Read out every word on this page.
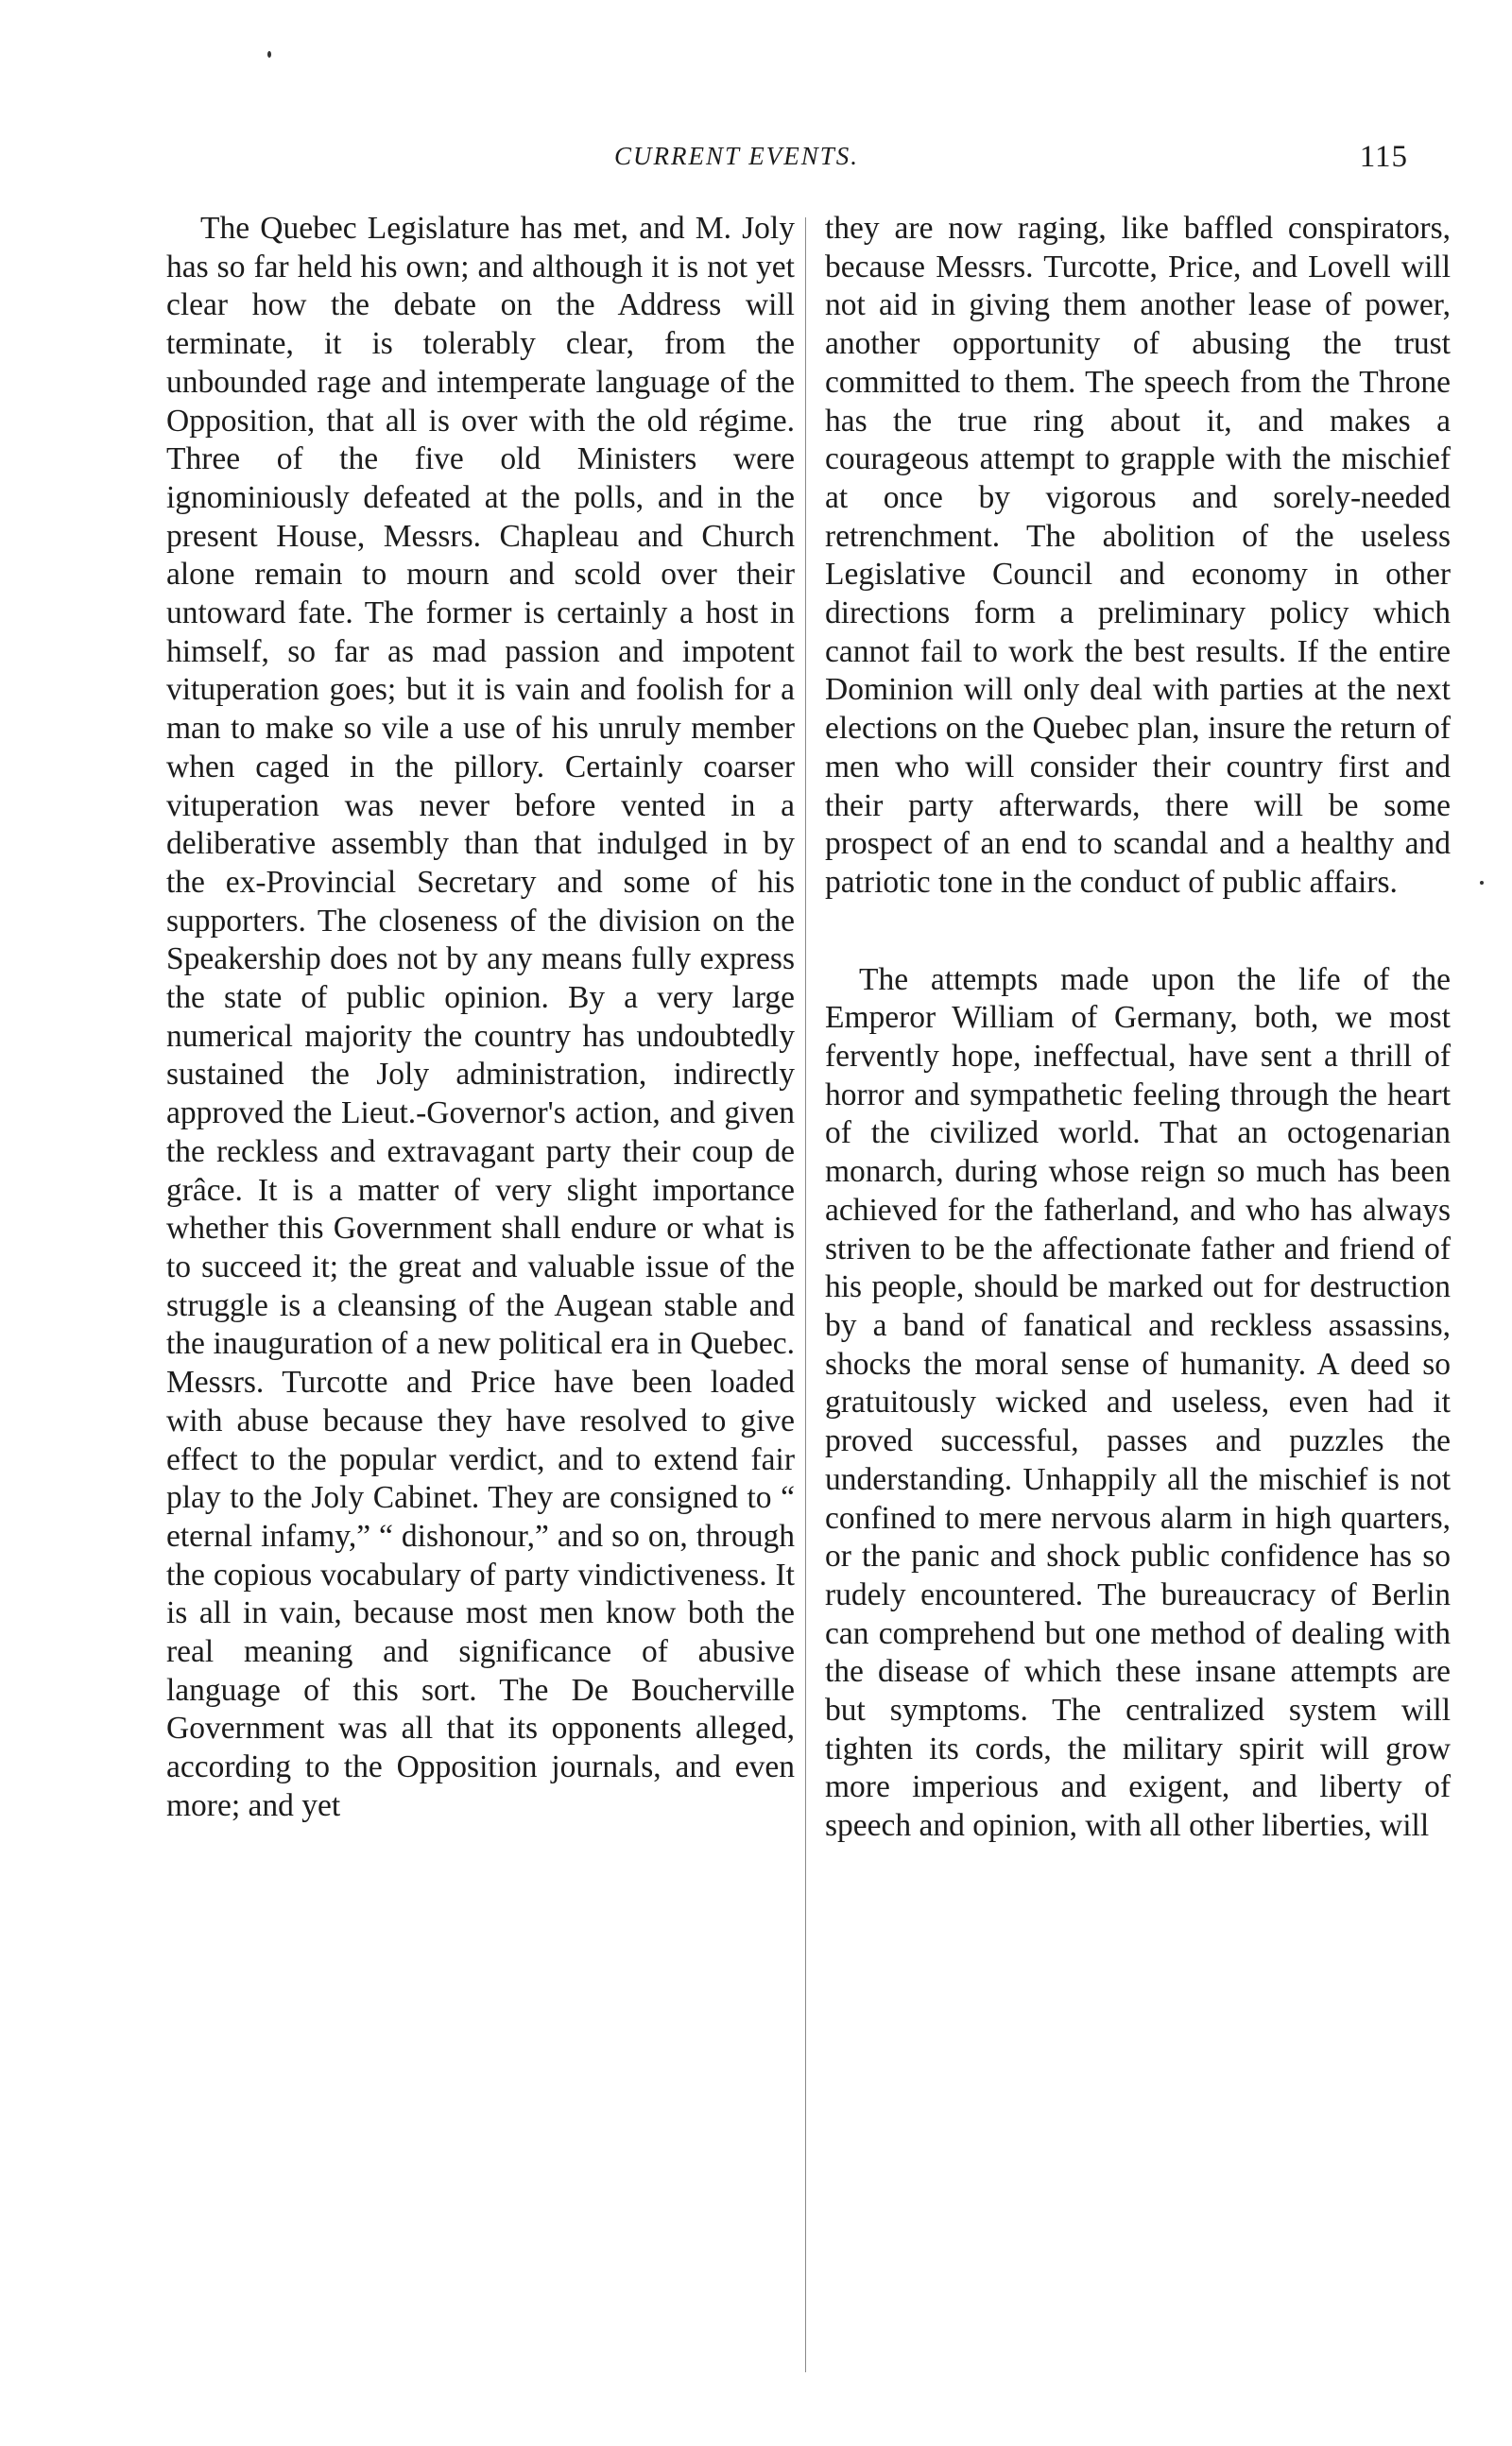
CURRENT EVENTS.	115

The Quebec Legislature has met, and M. Joly has so far held his own; and although it is not yet clear how the debate on the Address will terminate, it is tolerably clear, from the unbounded rage and intemperate language of the Opposition, that all is over with the old régime. Three of the five old Ministers were ignominiously defeated at the polls, and in the present House, Messrs. Chapleau and Church alone remain to mourn and scold over their untoward fate. The former is certainly a host in himself, so far as mad passion and impotent vituperation goes; but it is vain and foolish for a man to make so vile a use of his unruly member when caged in the pillory. Certainly coarser vituperation was never before vented in a deliberative assembly than that indulged in by the ex-Provincial Secretary and some of his supporters. The closeness of the division on the Speakership does not by any means fully express the state of public opinion. By a very large numerical majority the country has undoubtedly sustained the Joly administration, indirectly approved the Lieut.-Governor's action, and given the reckless and extravagant party their coup de grâce. It is a matter of very slight importance whether this Government shall endure or what is to succeed it; the great and valuable issue of the struggle is a cleansing of the Augean stable and the inauguration of a new political era in Quebec. Messrs. Turcotte and Price have been loaded with abuse because they have resolved to give effect to the popular verdict, and to extend fair play to the Joly Cabinet. They are consigned to “ eternal infamy,” “ dishonour,” and so on, through the copious vocabulary of party vindictiveness. It is all in vain, because most men know both the real meaning and significance of abusive language of this sort. The De Boucherville Government was all that its opponents alleged, according to the Opposition journals, and even more; and yet

they are now raging, like baffled conspirators, because Messrs. Turcotte, Price, and Lovell will not aid in giving them another lease of power, another opportunity of abusing the trust committed to them. The speech from the Throne has the true ring about it, and makes a courageous attempt to grapple with the mischief at once by vigorous and sorely-needed retrenchment. The abolition of the useless Legislative Council and economy in other directions form a preliminary policy which cannot fail to work the best results. If the entire Dominion will only deal with parties at the next elections on the Quebec plan, insure the return of men who will consider their country first and their party afterwards, there will be some prospect of an end to scandal and a healthy and patriotic tone in the conduct of public affairs.

The attempts made upon the life of the Emperor William of Germany, both, we most fervently hope, ineffectual, have sent a thrill of horror and sympathetic feeling through the heart of the civilized world. That an octogenarian monarch, during whose reign so much has been achieved for the fatherland, and who has always striven to be the affectionate father and friend of his people, should be marked out for destruction by a band of fanatical and reckless assassins, shocks the moral sense of humanity. A deed so gratuitously wicked and useless, even had it proved successful, passes and puzzles the understanding. Unhappily all the mischief is not confined to mere nervous alarm in high quarters, or the panic and shock public confidence has so rudely encountered. The bureaucracy of Berlin can comprehend but one method of dealing with the disease of which these insane attempts are but symptoms. The centralized system will tighten its cords, the military spirit will grow more imperious and exigent, and liberty of speech and opinion, with all other liberties, will
